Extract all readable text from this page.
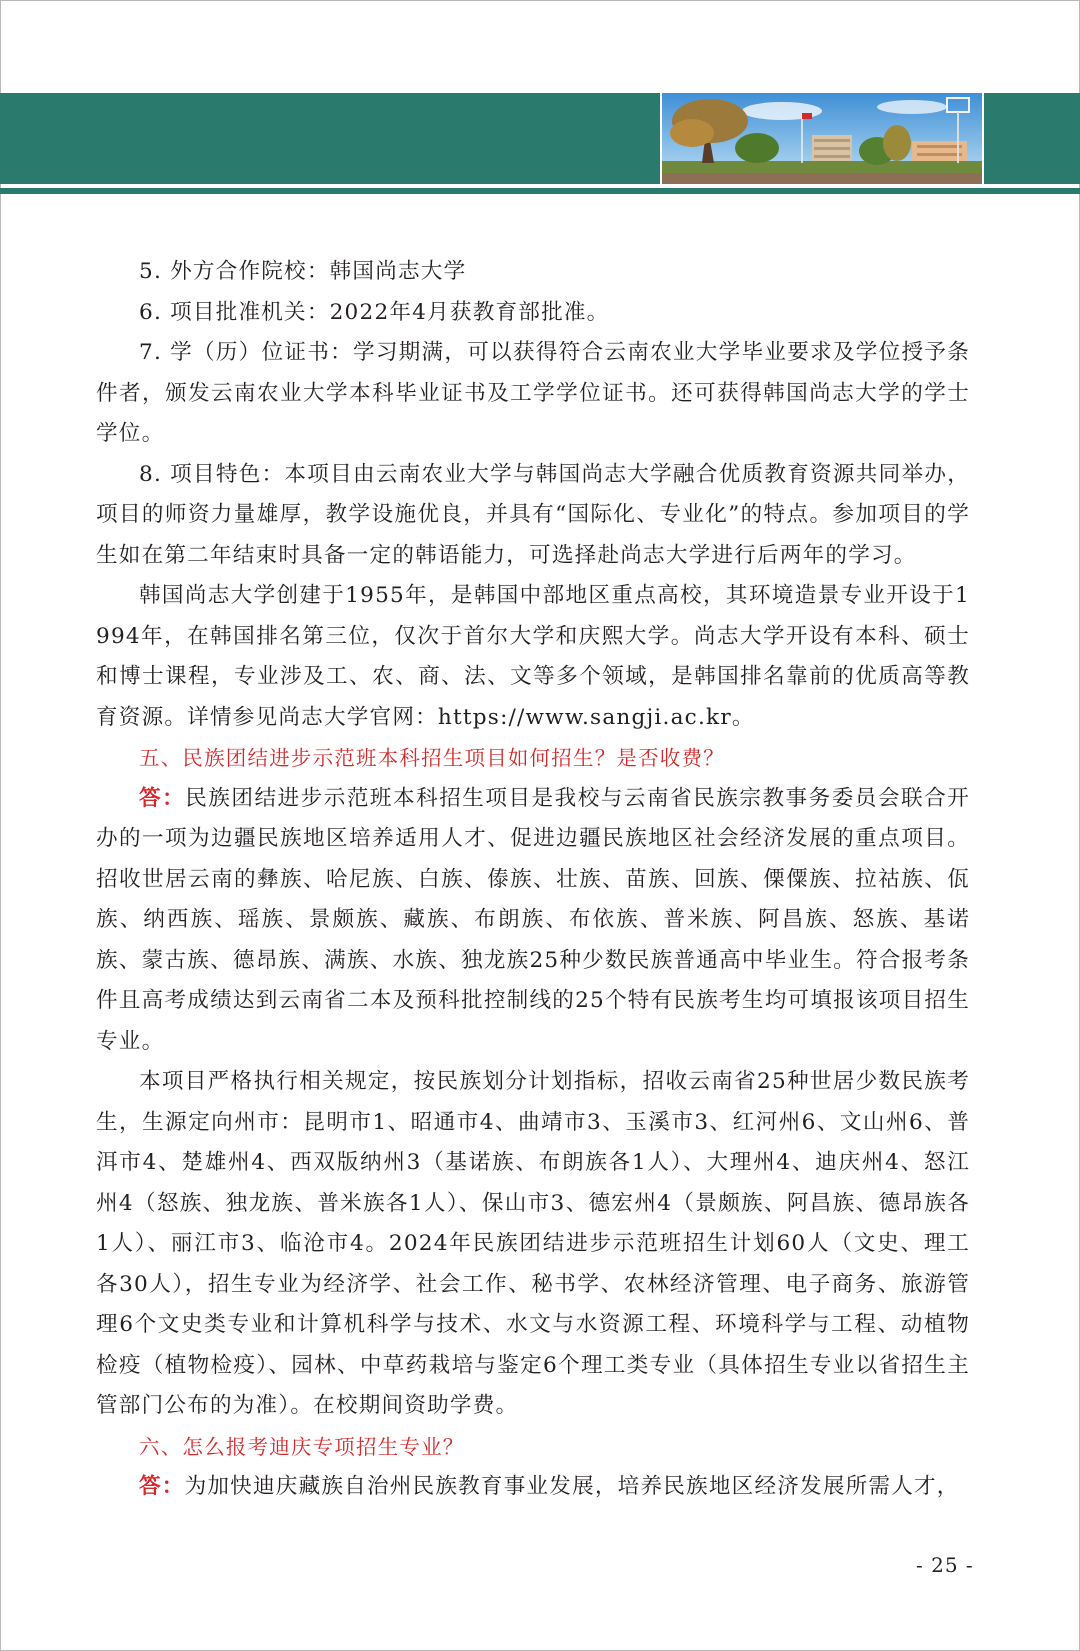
5. 外方合作院校：韩国尚志大学

6. 项目批准机关：2022年4月获教育部批准。

7. 学（历）位证书：学习期满，可以获得符合云南农业大学毕业要求及学位授予条件者，颁发云南农业大学本科毕业证书及工学学位证书。还可获得韩国尚志大学的学士学位。

8. 项目特色：本项目由云南农业大学与韩国尚志大学融合优质教育资源共同举办，项目的师资力量雄厚，教学设施优良，并具有“国际化、专业化”的特点。参加项目的学生如在第二年结束时具备一定的韩语能力，可选择赴尚志大学进行后两年的学习。

韩国尚志大学创建于1955年，是韩国中部地区重点高校，其环境造景专业开设于1994年，在韩国排名第三位，仅次于首尔大学和庆熙大学。尚志大学开设有本科、硕士和博士课程，专业涉及工、农、商、法、文等多个领域，是韩国排名靠前的优质高等教育资源。详情参见尚志大学官网：https://www.sangji.ac.kr。

五、民族团结进步示范班本科招生项目如何招生？是否收费？

答：民族团结进步示范班本科招生项目是我校与云南省民族宗教事务委员会联合开办的一项为边疆民族地区培养适用人才、促进边疆民族地区社会经济发展的重点项目。招收世居云南的彝族、哈尼族、白族、傣族、壮族、苗族、回族、傈僳族、拉祜族、佤族、纳西族、瑶族、景颇族、藏族、布朗族、布依族、普米族、阿昌族、怒族、基诺族、蒙古族、德昂族、满族、水族、独龙族25种少数民族普通高中毕业生。符合报考条件且高考成绩达到云南省二本及预科批控制线的25个特有民族考生均可填报该项目招生专业。

本项目严格执行相关规定，按民族划分计划指标，招收云南省25种世居少数民族考生，生源定向州市：昆明市1、昭通市4、曲靖市3、玉溪市3、红河州6、文山州6、普洱市4、楚雄州4、西双版纳州3（基诺族、布朗族各1人）、大理州4、迪庆州4、怒江州4（怒族、独龙族、普米族各1人）、保山市3、德宏州4（景颇族、阿昌族、德昂族各1人）、丽江市3、临沧市4。2024年民族团结进步示范班招生计划60人（文史、理工各30人），招生专业为经济学、社会工作、秘书学、农林经济管理、电子商务、旅游管理6个文史类专业和计算机科学与技术、水文与水资源工程、环境科学与工程、动植物检疫（植物检疫）、园林、中草药栽培与鉴定6个理工类专业（具体招生专业以省招生主管部门公布的为准）。在校期间资助学费。

六、怎么报考迪庆专项招生专业？

答：为加快迪庆藏族自治州民族教育事业发展，培养民族地区经济发展所需人才，

- 25 -
